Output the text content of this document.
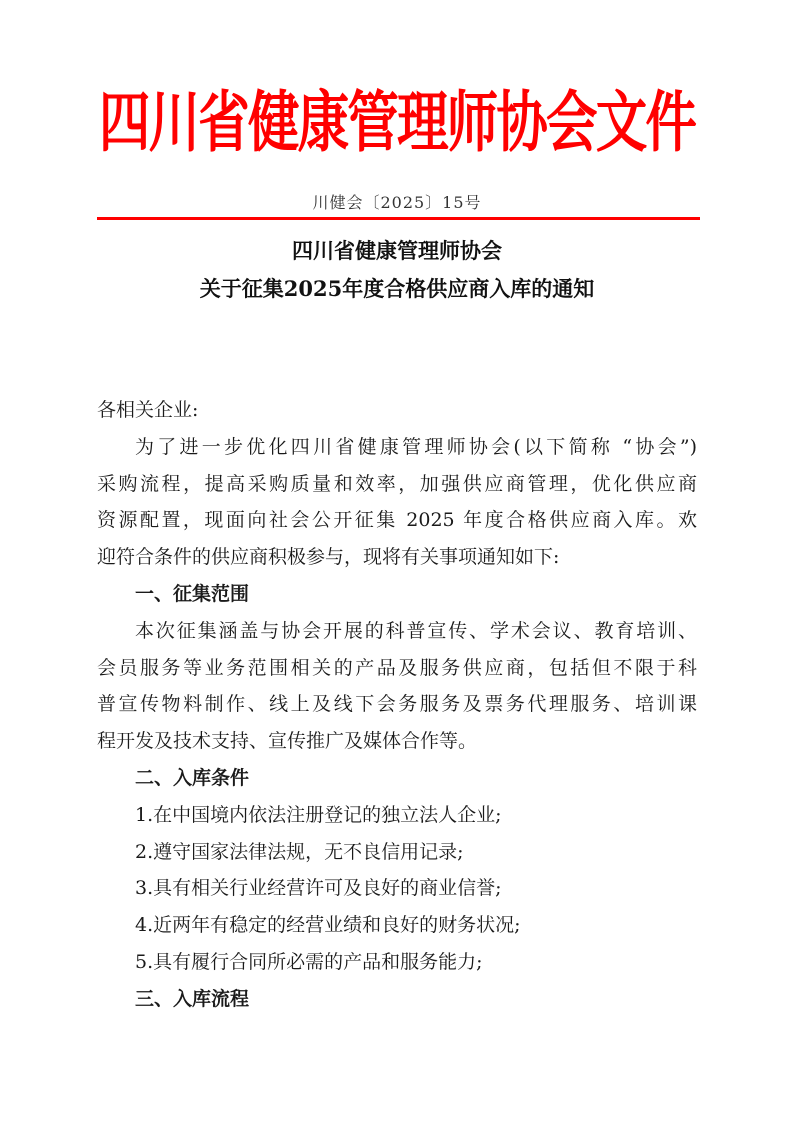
四川省健康管理师协会文件
川健会〔2025〕15号
四川省健康管理师协会
关于征集2025年度合格供应商入库的通知

各相关企业:

为了进一步优化四川省健康管理师协会(以下简称 “协会”)

采购流程，提高采购质量和效率，加强供应商管理，优化供应商

资源配置，现面向社会公开征集 2025 年度合格供应商入库。欢

迎符合条件的供应商积极参与，现将有关事项通知如下:

一、征集范围

本次征集涵盖与协会开展的科普宣传、学术会议、教育培训、

会员服务等业务范围相关的产品及服务供应商，包括但不限于科

普宣传物料制作、线上及线下会务服务及票务代理服务、培训课

程开发及技术支持、宣传推广及媒体合作等。

二、入库条件

1.在中国境内依法注册登记的独立法人企业;

2.遵守国家法律法规，无不良信用记录;

3.具有相关行业经营许可及良好的商业信誉;

4.近两年有稳定的经营业绩和良好的财务状况;

5.具有履行合同所必需的产品和服务能力;

三、入库流程
